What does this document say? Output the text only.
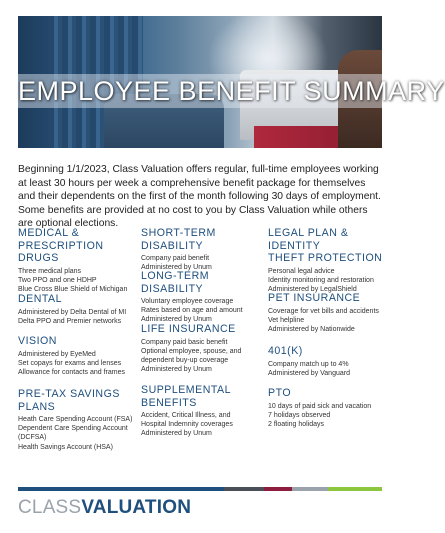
EMPLOYEE BENEFIT SUMMARY

Beginning 1/1/2023, Class Valuation offers regular, full-time employees working at least 30 hours per week a comprehensive benefit package for themselves and their dependents on the first of the month following 30 days of employment. Some benefits are provided at no cost to you by Class Valuation while others are optional elections.

MEDICAL &
PRESCRIPTION DRUGS
Three medical plans
Two PPO and one HDHP
Blue Cross Blue Shield of Michigan
DENTAL
Administered by Delta Dental of MI
Delta PPO and Premier networks
VISION
Administered by EyeMed
Set copays for exams and lenses
Allowance for contacts and frames
PRE-TAX SAVINGS PLANS
Heath Care Spending Account (FSA)
Dependent Care Spending Account
(DCFSA)
Health Savings Account (HSA)
SHORT-TERM DISABILITY
Company paid benefit
Administered by Unum
LONG-TERM DISABILITY
Voluntary employee coverage
Rates based on age and amount
Administered by Unum
LIFE INSURANCE
Company paid basic benefit
Optional employee, spouse, and
dependent buy-up coverage
Administered by Unum
SUPPLEMENTAL
BENEFITS
Accident, Critical Illness, and
Hospital Indemnity coverages
Administered by Unum
LEGAL PLAN & IDENTITY
THEFT PROTECTION
Personal legal advice
Identity monitoring and restoration
Administered by LegalShield
PET INSURANCE
Coverage for vet bills and accidents
Vet helpline
Administered by Nationwide
401(K)
Company match up to 4%
Administered by Vanguard
PTO
10 days of paid sick and vacation
7 holidays observed
2 floating holidays
CLASSVALUATION
